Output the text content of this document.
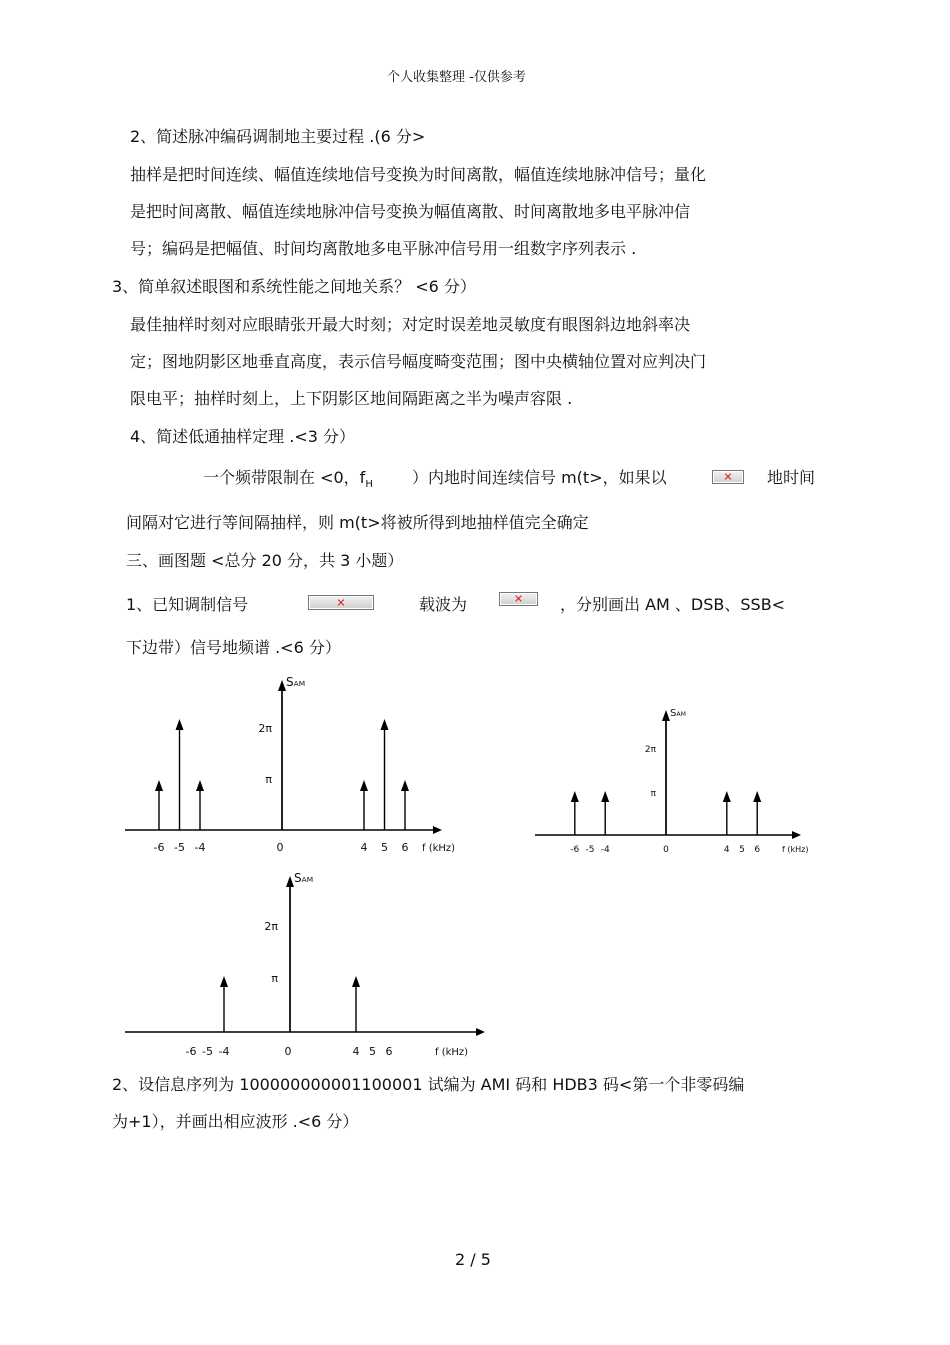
个人收集整理 -仅供参考
2、简述脉冲编码调制地主要过程 .(6 分>
抽样是把时间连续、幅值连续地信号变换为时间离散，幅值连续地脉冲信号；量化
是把时间离散、幅值连续地脉冲信号变换为幅值离散、时间离散地多电平脉冲信
号；编码是把幅值、时间均离散地多电平脉冲信号用一组数字序列表示 .
3、简单叙述眼图和系统性能之间地关系？ <6 分）
最佳抽样时刻对应眼睛张开最大时刻；对定时误差地灵敏度有眼图斜边地斜率决
定；图地阴影区地垂直高度，表示信号幅度畸变范围；图中央横轴位置对应判决门
限电平；抽样时刻上，上下阴影区地间隔距离之半为噪声容限 .
4、简述低通抽样定理 .<3 分）
一个频带限制在 <0，$f_H$ ）内地时间连续信号 m(t>，如果以	✕ 地时间
间隔对它进行等间隔抽样，则 m(t>将被所得到地抽样值完全确定
三、画图题 <总分 20 分，共 3 小题）
1、已知调制信号	✕	载波为	✕ ，分别画出 AM 、DSB、SSB<
下边带）信号地频谱 .<6 分）
SAM
2π
π
-6 -5 -4	0	4 5 6 f (kHz)
SAM
2π
π
-6 -5 -4	0	4 5 6	f (kHz)
SAM
2π
π
-6 -5 -4	0	4 5 6	f (kHz)
2、设信息序列为 100000000001100001 试编为 AMI 码和 HDB3 码<第一个非零码编
为+1），并画出相应波形 .<6 分）
2 / 5
